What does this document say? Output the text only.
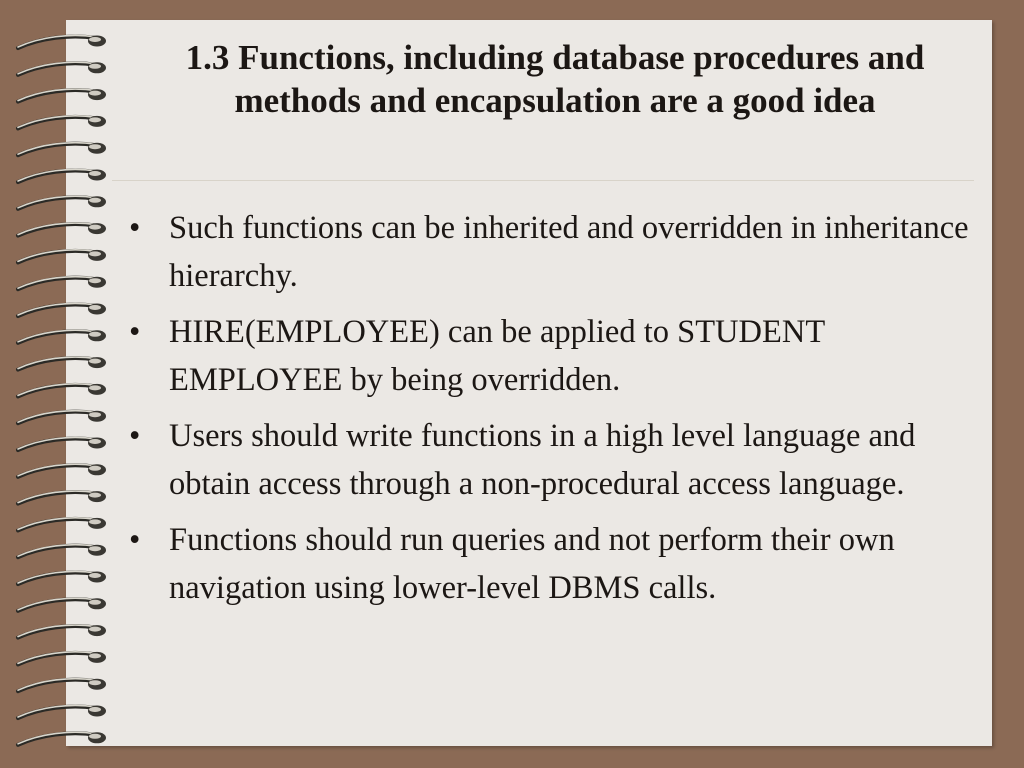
1.3 Functions, including database procedures and methods and encapsulation are a good idea
• Such functions can be inherited and overridden in inheritance hierarchy.
• HIRE(EMPLOYEE) can be applied to STUDENT EMPLOYEE by being overridden.
• Users should write functions in a high level language and obtain access through a non-procedural access language.
• Functions should run queries and not perform their own navigation using lower-level DBMS calls.
